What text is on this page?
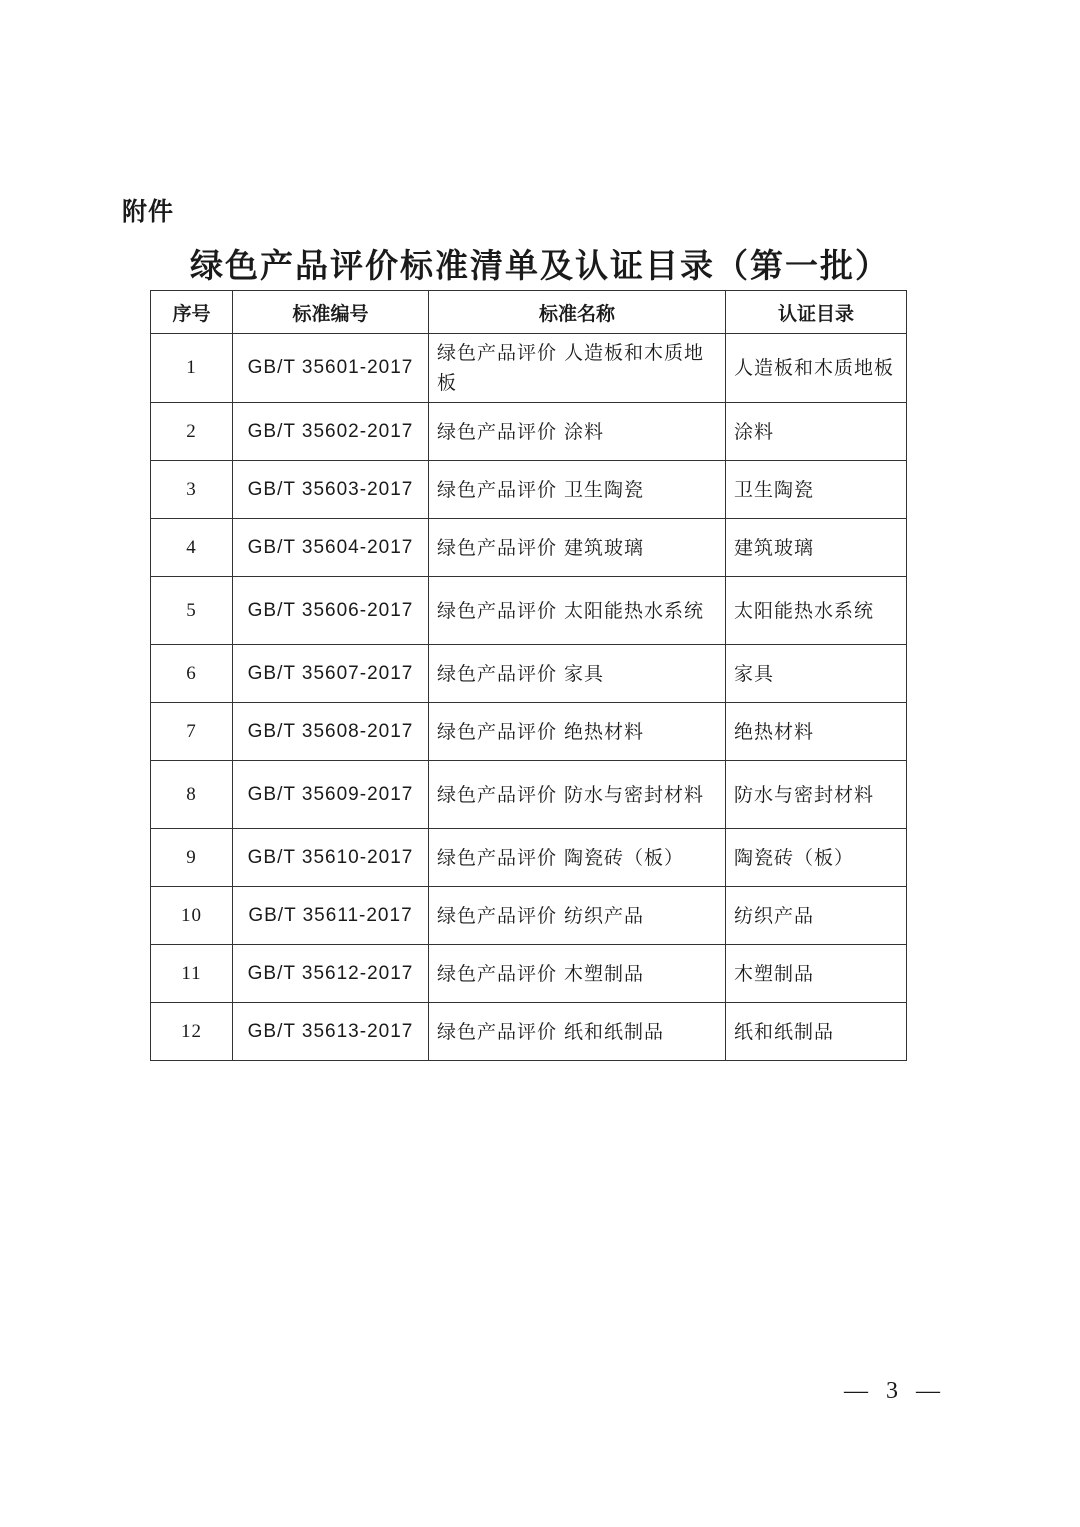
附件
绿色产品评价标准清单及认证目录（第一批）
序号	标准编号	标准名称	认证目录
1	GB/T 35601-2017	绿色产品评价 人造板和木质地板	人造板和木质地板
2	GB/T 35602-2017	绿色产品评价 涂料	涂料
3	GB/T 35603-2017	绿色产品评价 卫生陶瓷	卫生陶瓷
4	GB/T 35604-2017	绿色产品评价 建筑玻璃	建筑玻璃
5	GB/T 35606-2017	绿色产品评价 太阳能热水系统	太阳能热水系统
6	GB/T 35607-2017	绿色产品评价 家具	家具
7	GB/T 35608-2017	绿色产品评价 绝热材料	绝热材料
8	GB/T 35609-2017	绿色产品评价 防水与密封材料	防水与密封材料
9	GB/T 35610-2017	绿色产品评价 陶瓷砖（板）	陶瓷砖（板）
10	GB/T 35611-2017	绿色产品评价 纺织产品	纺织产品
11	GB/T 35612-2017	绿色产品评价 木塑制品	木塑制品
12	GB/T 35613-2017	绿色产品评价 纸和纸制品	纸和纸制品
— 3 —
